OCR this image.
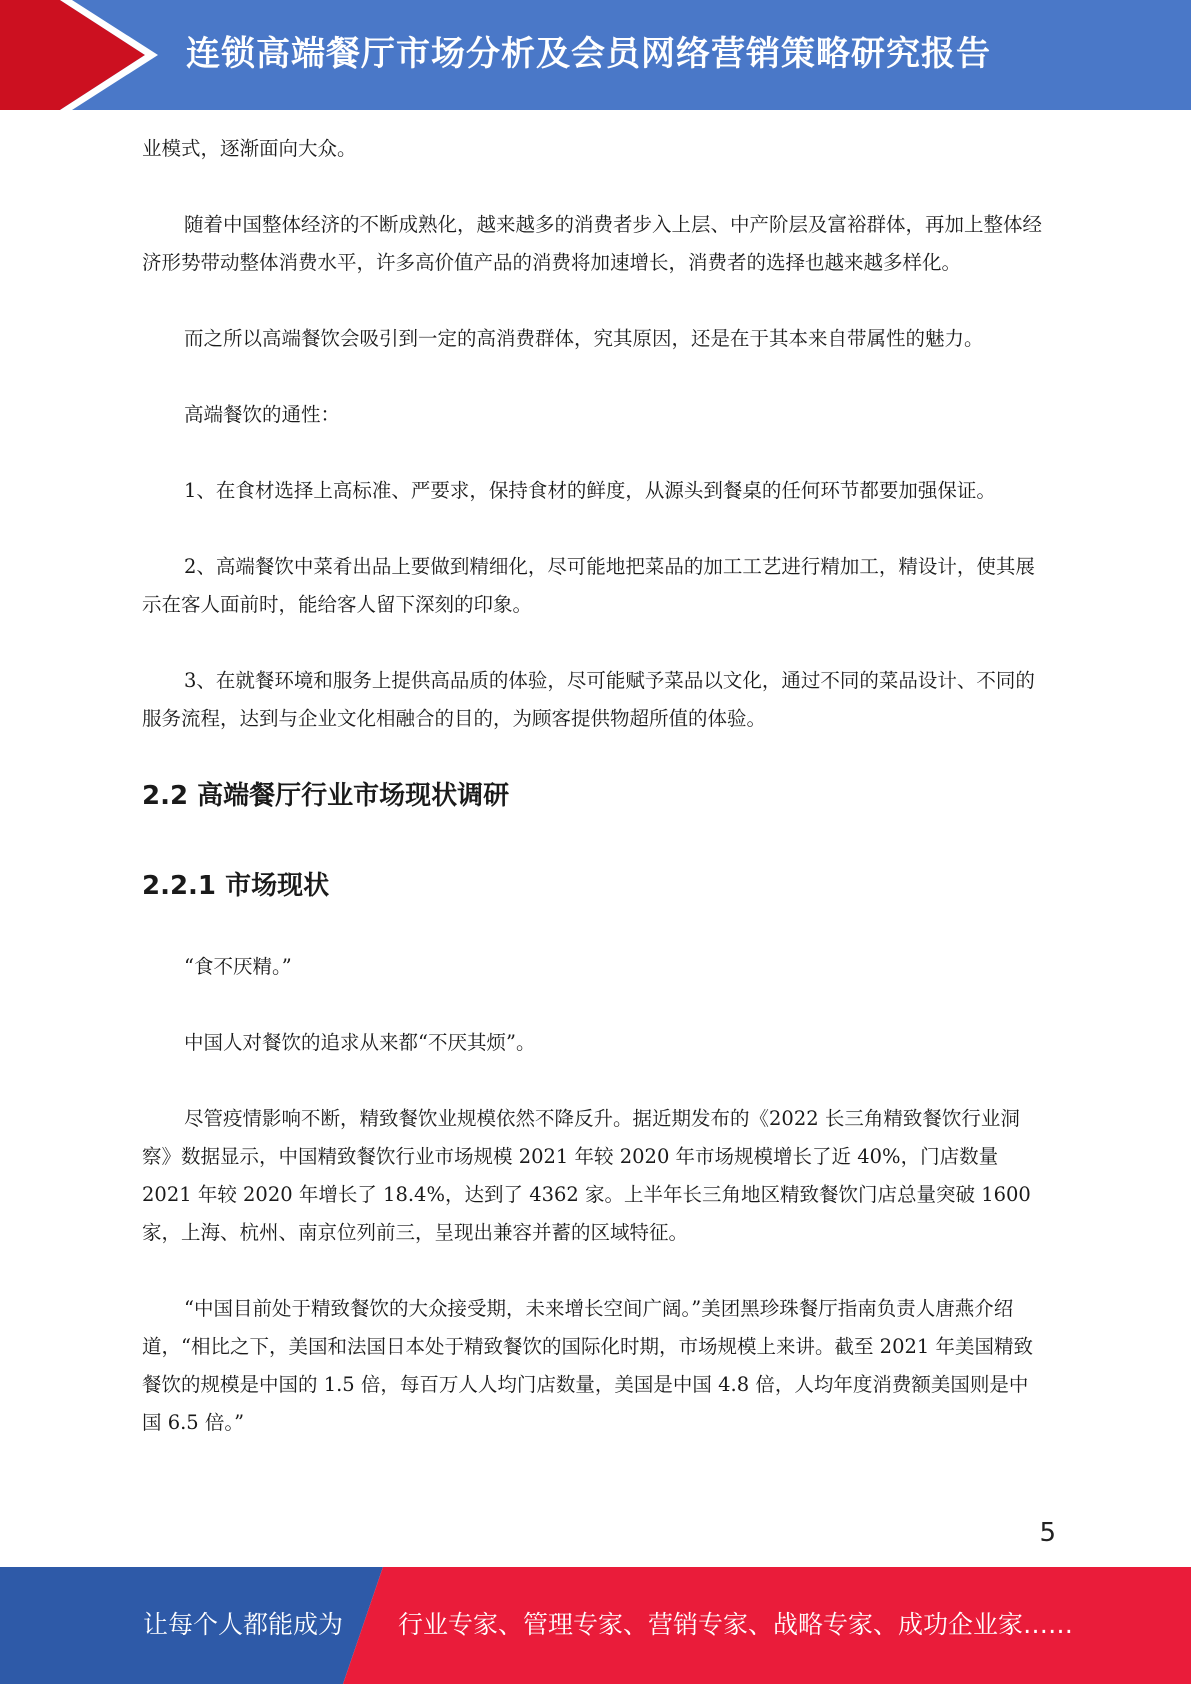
连锁高端餐厅市场分析及会员网络营销策略研究报告

业模式，逐渐面向大众。

随着中国整体经济的不断成熟化，越来越多的消费者步入上层、中产阶层及富裕群体，再加上整体经济形势带动整体消费水平，许多高价值产品的消费将加速增长，消费者的选择也越来越多样化。

而之所以高端餐饮会吸引到一定的高消费群体，究其原因，还是在于其本来自带属性的魅力。

高端餐饮的通性：

1、在食材选择上高标准、严要求，保持食材的鲜度，从源头到餐桌的任何环节都要加强保证。

2、高端餐饮中菜肴出品上要做到精细化，尽可能地把菜品的加工工艺进行精加工，精设计，使其展示在客人面前时，能给客人留下深刻的印象。

3、在就餐环境和服务上提供高品质的体验，尽可能赋予菜品以文化，通过不同的菜品设计、不同的服务流程，达到与企业文化相融合的目的，为顾客提供物超所值的体验。

2.2 高端餐厅行业市场现状调研
2.2.1 市场现状

“食不厌精。”

中国人对餐饮的追求从来都“不厌其烦”。

尽管疫情影响不断，精致餐饮业规模依然不降反升。据近期发布的《2022 长三角精致餐饮行业洞察》数据显示，中国精致餐饮行业市场规模 2021 年较 2020 年市场规模增长了近 40%，门店数量 2021 年较 2020 年增长了 18.4%，达到了 4362 家。上半年长三角地区精致餐饮门店总量突破 1600 家，上海、杭州、南京位列前三，呈现出兼容并蓄的区域特征。

“中国目前处于精致餐饮的大众接受期，未来增长空间广阔。”美团黑珍珠餐厅指南负责人唐燕介绍道，“相比之下，美国和法国日本处于精致餐饮的国际化时期，市场规模上来讲。截至 2021 年美国精致餐饮的规模是中国的 1.5 倍，每百万人人均门店数量，美国是中国 4.8 倍，人均年度消费额美国则是中国 6.5 倍。”

5
让每个人都能成为 行业专家、管理专家、营销专家、战略专家、成功企业家……
